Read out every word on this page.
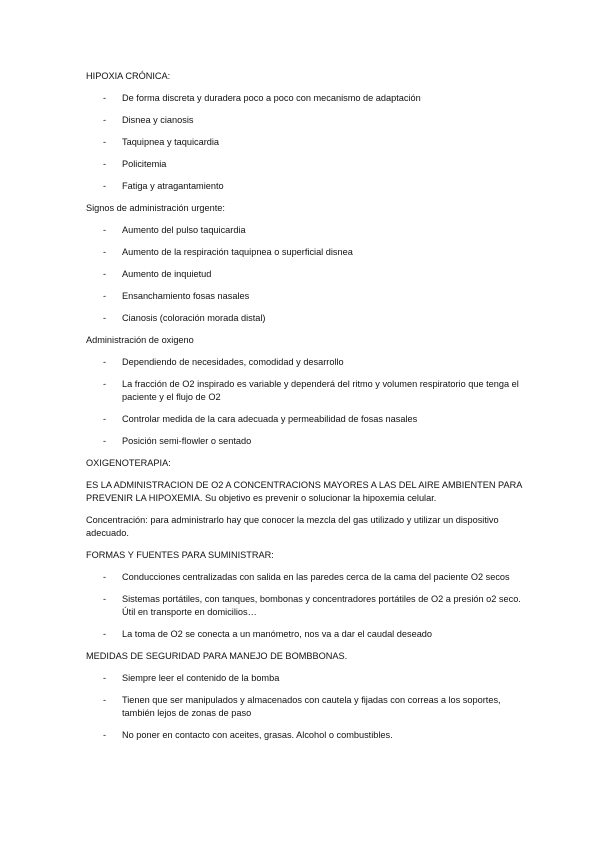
HIPOXIA CRÓNICA:
- De forma discreta y duradera poco a poco con mecanismo de adaptación
- Disnea y cianosis
- Taquipnea y taquicardia
- Policitemia
- Fatiga y atragantamiento
Signos de administración urgente:
- Aumento del pulso taquicardia
- Aumento de la respiración taquipnea o superficial disnea
- Aumento de inquietud
- Ensanchamiento fosas nasales
- Cianosis (coloración morada distal)
Administración de oxigeno
- Dependiendo de necesidades, comodidad y desarrollo
- La fracción de O2 inspirado es variable y dependerá del ritmo y volumen respiratorio que tenga el paciente y el flujo de O2
- Controlar medida de la cara adecuada y permeabilidad de fosas nasales
- Posición semi-flowler o sentado
OXIGENOTERAPIA:
ES LA ADMINISTRACION DE O2 A CONCENTRACIONS MAYORES A LAS DEL AIRE AMBIENTEN PARA PREVENIR LA HIPOXEMIA. Su objetivo es prevenir o solucionar la hipoxemia celular.
Concentración: para administrarlo hay que conocer la mezcla del gas utilizado y utilizar un dispositivo adecuado.
FORMAS Y FUENTES PARA SUMINISTRAR:
- Conducciones centralizadas con salida en las paredes cerca de la cama del paciente O2 secos
- Sistemas portátiles, con tanques, bombonas y concentradores portátiles de O2 a presión o2 seco. Útil en transporte en domicilios…
- La toma de O2 se conecta a un manómetro, nos va a dar el caudal deseado
MEDIDAS DE SEGURIDAD PARA MANEJO DE BOMBBONAS.
- Siempre leer el contenido de la bomba
- Tienen que ser manipulados y almacenados con cautela y fijadas con correas a los soportes, también lejos de zonas de paso
- No poner en contacto con aceites, grasas. Alcohol o combustibles.
